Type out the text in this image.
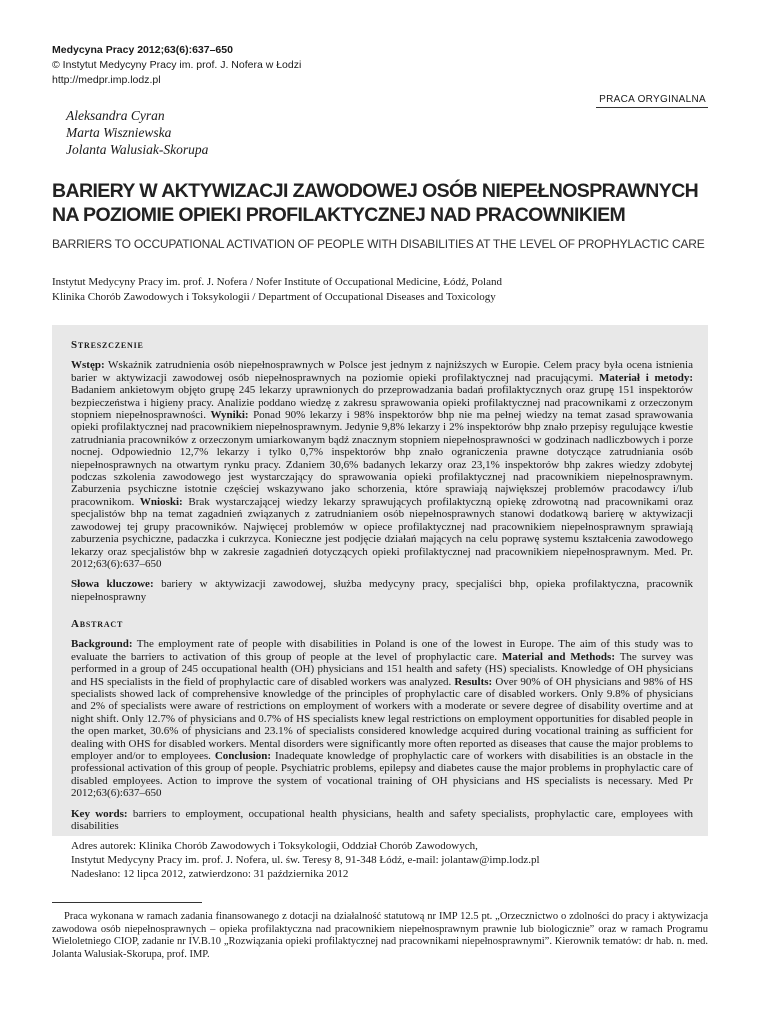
Medycyna Pracy 2012;63(6):637–650
© Instytut Medycyny Pracy im. prof. J. Nofera w Łodzi
http://medpr.imp.lodz.pl
PRACA ORYGINALNA
Aleksandra Cyran
Marta Wiszniewska
Jolanta Walusiak-Skorupa
BARIERY W AKTYWIZACJI ZAWODOWEJ OSÓB NIEPEŁNOSPRAWNYCH
NA POZIOMIE OPIEKI PROFILAKTYCZNEJ NAD PRACOWNIKIEM
BARRIERS TO OCCUPATIONAL ACTIVATION OF PEOPLE WITH DISABILITIES AT THE LEVEL OF PROPHYLACTIC CARE
Instytut Medycyny Pracy im. prof. J. Nofera / Nofer Institute of Occupational Medicine, Łódź, Poland
Klinika Chorób Zawodowych i Toksykologii / Department of Occupational Diseases and Toxicology
Streszczenie
Wstęp: Wskaźnik zatrudnienia osób niepełnosprawnych w Polsce jest jednym z najniższych w Europie. Celem pracy była ocena istnienia barier w aktywizacji zawodowej osób niepełnosprawnych na poziomie opieki profilaktycznej nad pracującymi. Materiał i metody: Badaniem ankietowym objęto grupę 245 lekarzy uprawnionych do przeprowadzania badań profilaktycznych oraz grupę 151 inspektorów bezpieczeństwa i higieny pracy. Analizie poddano wiedzę z zakresu sprawowania opieki profilaktycznej nad pracownikami z orzeczonym stopniem niepełnosprawności. Wyniki: Ponad 90% lekarzy i 98% inspektorów bhp nie ma pełnej wiedzy na temat zasad sprawowania opieki profilaktycznej nad pracownikiem niepełnosprawnym. Jedynie 9,8% lekarzy i 2% inspektorów bhp znało przepisy regulujące kwestie zatrudniania pracowników z orzeczonym umiarkowanym bądź znacznym stopniem niepełnosprawności w godzinach nadliczbowych i porze nocnej. Odpowiednio 12,7% lekarzy i tylko 0,7% inspektorów bhp znało ograniczenia prawne dotyczące zatrudniania osób niepełnosprawnych na otwartym rynku pracy. Zdaniem 30,6% badanych lekarzy oraz 23,1% inspektorów bhp zakres wiedzy zdobytej podczas szkolenia zawodowego jest wystarczający do sprawowania opieki profilaktycznej nad pracownikiem niepełnosprawnym. Zaburzenia psychiczne istotnie częściej wskazywano jako schorzenia, które sprawiają największej problemów pracodawcy i/lub pracownikom. Wnioski: Brak wystarczającej wiedzy lekarzy sprawujących profilaktyczną opiekę zdrowotną nad pracownikami oraz specjalistów bhp na temat zagadnień związanych z zatrudnianiem osób niepełnosprawnych stanowi dodatkową barierę w aktywizacji zawodowej tej grupy pracowników. Najwięcej problemów w opiece profilaktycznej nad pracownikiem niepełnosprawnym sprawiają zaburzenia psychiczne, padaczka i cukrzyca. Konieczne jest podjęcie działań mających na celu poprawę systemu kształcenia zawodowego lekarzy oraz specjalistów bhp w zakresie zagadnień dotyczących opieki profilaktycznej nad pracownikiem niepełnosprawnym. Med. Pr. 2012;63(6):637–650
Słowa kluczowe: bariery w aktywizacji zawodowej, służba medycyny pracy, specjaliści bhp, opieka profilaktyczna, pracownik niepełnosprawny
Abstract
Background: The employment rate of people with disabilities in Poland is one of the lowest in Europe. The aim of this study was to evaluate the barriers to activation of this group of people at the level of prophylactic care. Material and Methods: The survey was performed in a group of 245 occupational health (OH) physicians and 151 health and safety (HS) specialists. Knowledge of OH physicians and HS specialists in the field of prophylactic care of disabled workers was analyzed. Results: Over 90% of OH physicians and 98% of HS specialists showed lack of comprehensive knowledge of the principles of prophylactic care of disabled workers. Only 9.8% of physicians and 2% of specialists were aware of restrictions on employment of workers with a moderate or severe degree of disability overtime and at night shift. Only 12.7% of physicians and 0.7% of HS specialists knew legal restrictions on employment opportunities for disabled people in the open market, 30.6% of physicians and 23.1% of specialists considered knowledge acquired during vocational training as sufficient for dealing with OHS for disabled workers. Mental disorders were significantly more often reported as diseases that cause the major problems to employer and/or to employees. Conclusion: Inadequate knowledge of prophylactic care of workers with disabilities is an obstacle in the professional activation of this group of people. Psychiatric problems, epilepsy and diabetes cause the major problems in prophylactic care of disabled employees. Action to improve the system of vocational training of OH physicians and HS specialists is necessary. Med Pr 2012;63(6):637–650
Key words: barriers to employment, occupational health physicians, health and safety specialists, prophylactic care, employees with disabilities
Adres autorek: Klinika Chorób Zawodowych i Toksykologii, Oddział Chorób Zawodowych,
Instytut Medycyny Pracy im. prof. J. Nofera, ul. św. Teresy 8, 91-348 Łódź, e-mail: jolantaw@imp.lodz.pl
Nadesłano: 12 lipca 2012, zatwierdzono: 31 października 2012
Praca wykonana w ramach zadania finansowanego z dotacji na działalność statutową nr IMP 12.5 pt. „Orzecznictwo o zdolności do pracy i aktywizacja zawodowa osób niepełnosprawnych – opieka profilaktyczna nad pracownikiem niepełnosprawnym prawnie lub biologicznie” oraz w ramach Programu Wieloletniego CIOP, zadanie nr IV.B.10 „Rozwiązania opieki profilaktycznej nad pracownikami niepełnosprawnymi”. Kierownik tematów: dr hab. n. med. Jolanta Walusiak-Skorupa, prof. IMP.
